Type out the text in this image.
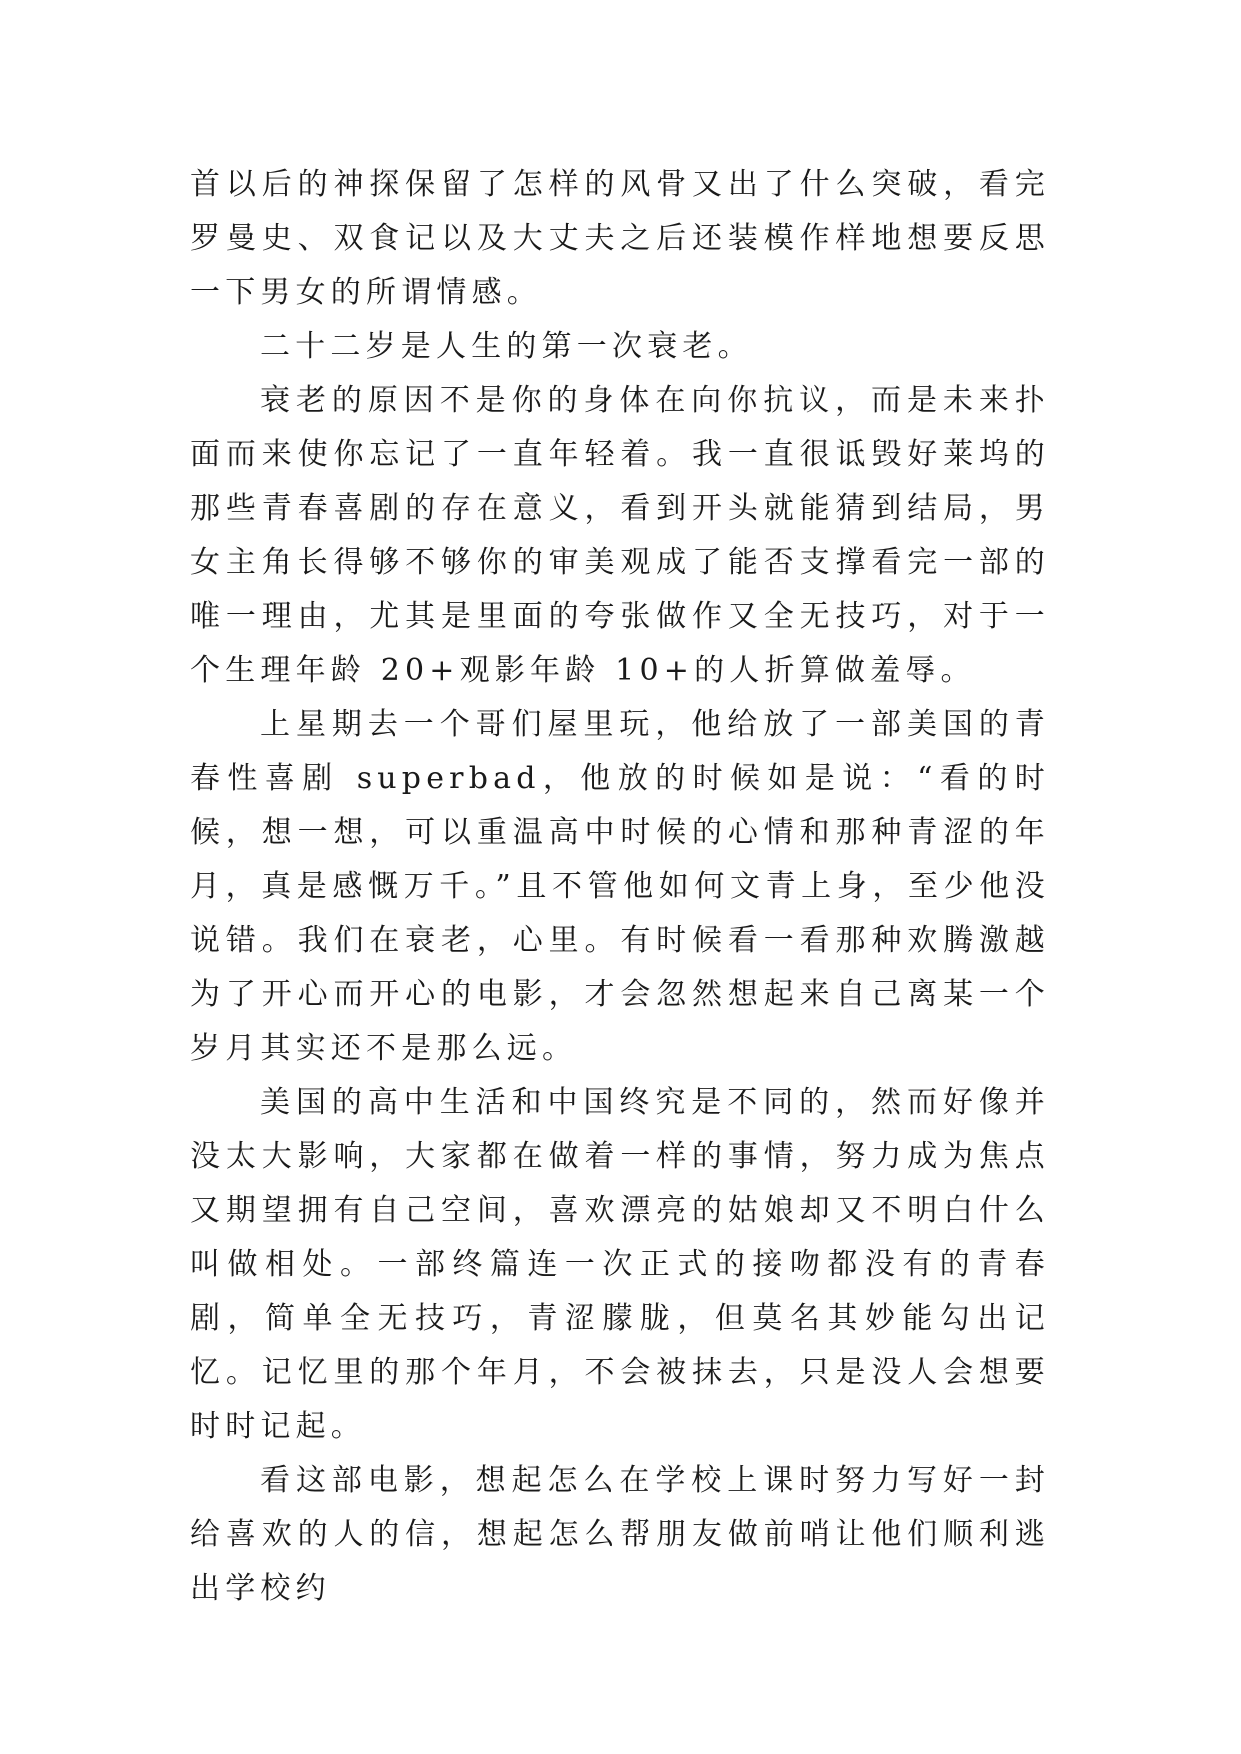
首以后的神探保留了怎样的风骨又出了什么突破，看完罗曼史、双食记以及大丈夫之后还装模作样地想要反思一下男女的所谓情感。

二十二岁是人生的第一次衰老。

衰老的原因不是你的身体在向你抗议，而是未来扑面而来使你忘记了一直年轻着。我一直很诋毁好莱坞的那些青春喜剧的存在意义，看到开头就能猜到结局，男女主角长得够不够你的审美观成了能否支撑看完一部的唯一理由，尤其是里面的夸张做作又全无技巧，对于一个生理年龄 20+观影年龄 10+的人折算做羞辱。

上星期去一个哥们屋里玩，他给放了一部美国的青春性喜剧 superbad，他放的时候如是说：“看的时候，想一想，可以重温高中时候的心情和那种青涩的年月，真是感慨万千。”且不管他如何文青上身，至少他没说错。我们在衰老，心里。有时候看一看那种欢腾激越为了开心而开心的电影，才会忽然想起来自己离某一个岁月其实还不是那么远。

美国的高中生活和中国终究是不同的，然而好像并没太大影响，大家都在做着一样的事情，努力成为焦点又期望拥有自己空间，喜欢漂亮的姑娘却又不明白什么叫做相处。一部终篇连一次正式的接吻都没有的青春剧，简单全无技巧，青涩朦胧，但莫名其妙能勾出记忆。记忆里的那个年月，不会被抹去，只是没人会想要时时记起。

看这部电影，想起怎么在学校上课时努力写好一封给喜欢的人的信，想起怎么帮朋友做前哨让他们顺利逃出学校约
